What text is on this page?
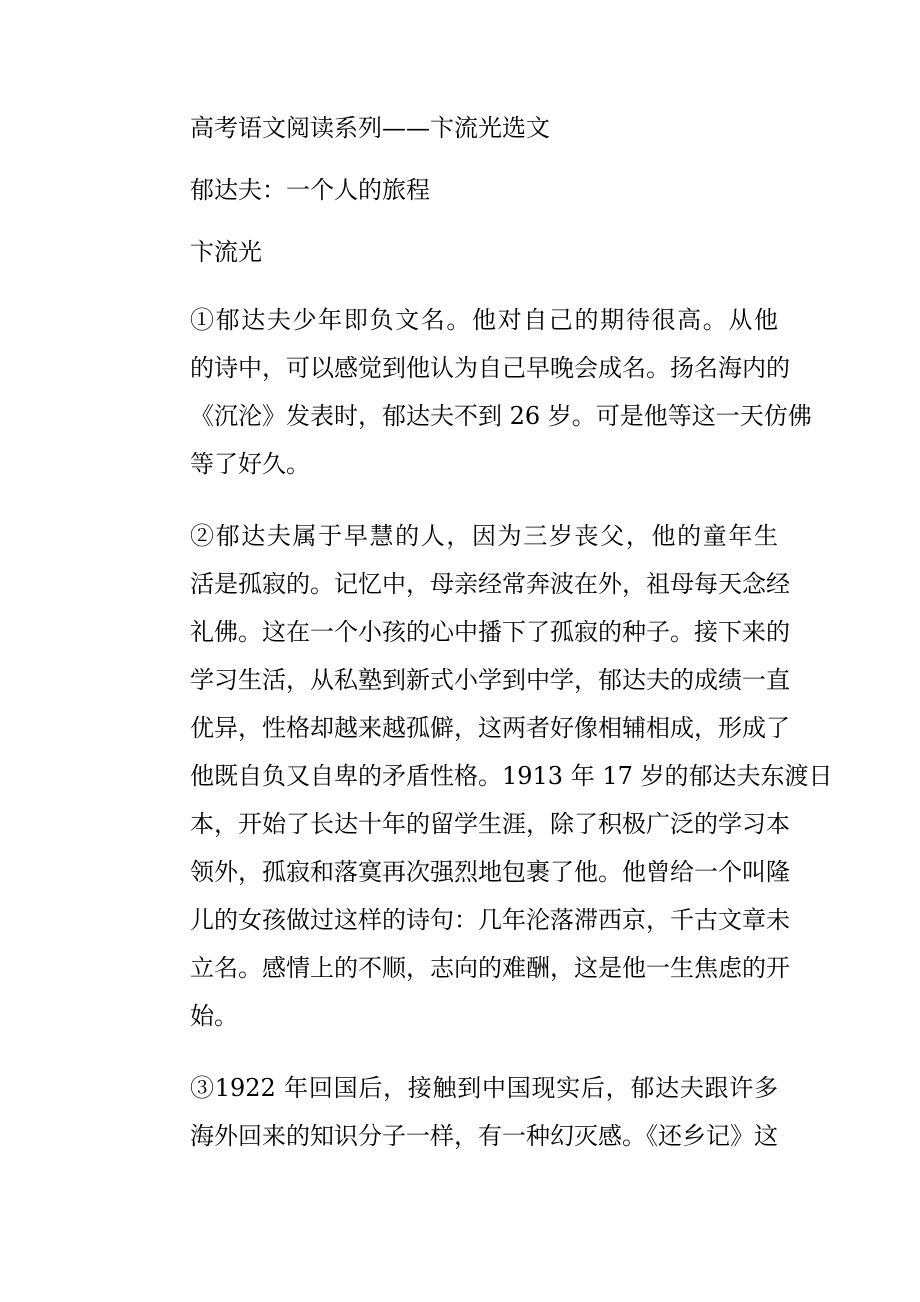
高考语文阅读系列——卞流光选文

郁达夫：一个人的旅程

卞流光

①郁达夫少年即负文名。他对自己的期待很高。从他
的诗中，可以感觉到他认为自己早晚会成名。扬名海内的
《沉沦》发表时，郁达夫不到 26 岁。可是他等这一天仿佛
等了好久。
②郁达夫属于早慧的人，因为三岁丧父，他的童年生
活是孤寂的。记忆中，母亲经常奔波在外，祖母每天念经
礼佛。这在一个小孩的心中播下了孤寂的种子。接下来的
学习生活，从私塾到新式小学到中学，郁达夫的成绩一直
优异，性格却越来越孤僻，这两者好像相辅相成，形成了
他既自负又自卑的矛盾性格。1913 年 17 岁的郁达夫东渡日
本，开始了长达十年的留学生涯，除了积极广泛的学习本
领外，孤寂和落寞再次强烈地包裹了他。他曾给一个叫隆
儿的女孩做过这样的诗句：几年沦落滞西京，千古文章未
立名。感情上的不顺，志向的难酬，这是他一生焦虑的开
始。
③1922 年回国后，接触到中国现实后，郁达夫跟许多
海外回来的知识分子一样，有一种幻灭感。《还乡记》这
